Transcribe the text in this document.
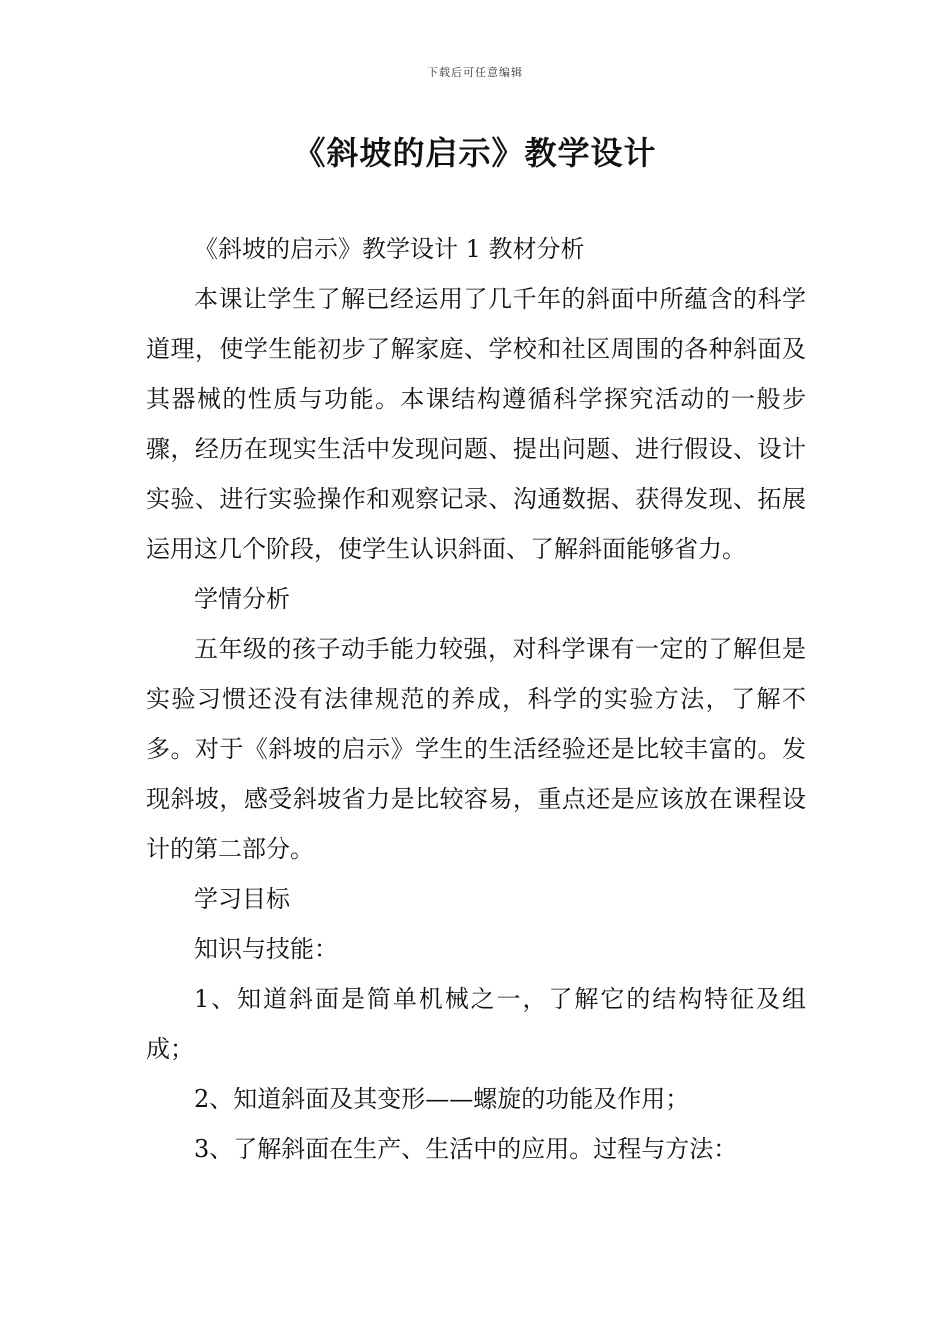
下载后可任意编辑
《斜坡的启示》教学设计

《斜坡的启示》教学设计 1 教材分析

本课让学生了解已经运用了几千年的斜面中所蕴含的科学道理，使学生能初步了解家庭、学校和社区周围的各种斜面及其器械的性质与功能。本课结构遵循科学探究活动的一般步骤，经历在现实生活中发现问题、提出问题、进行假设、设计实验、进行实验操作和观察记录、沟通数据、获得发现、拓展运用这几个阶段，使学生认识斜面、了解斜面能够省力。

学情分析

五年级的孩子动手能力较强，对科学课有一定的了解但是实验习惯还没有法律规范的养成，科学的实验方法，了解不多。对于《斜坡的启示》学生的生活经验还是比较丰富的。发现斜坡，感受斜坡省力是比较容易，重点还是应该放在课程设计的第二部分。

学习目标

知识与技能：

1、知道斜面是简单机械之一，了解它的结构特征及组成；

2、知道斜面及其变形——螺旋的功能及作用；

3、了解斜面在生产、生活中的应用。过程与方法：
